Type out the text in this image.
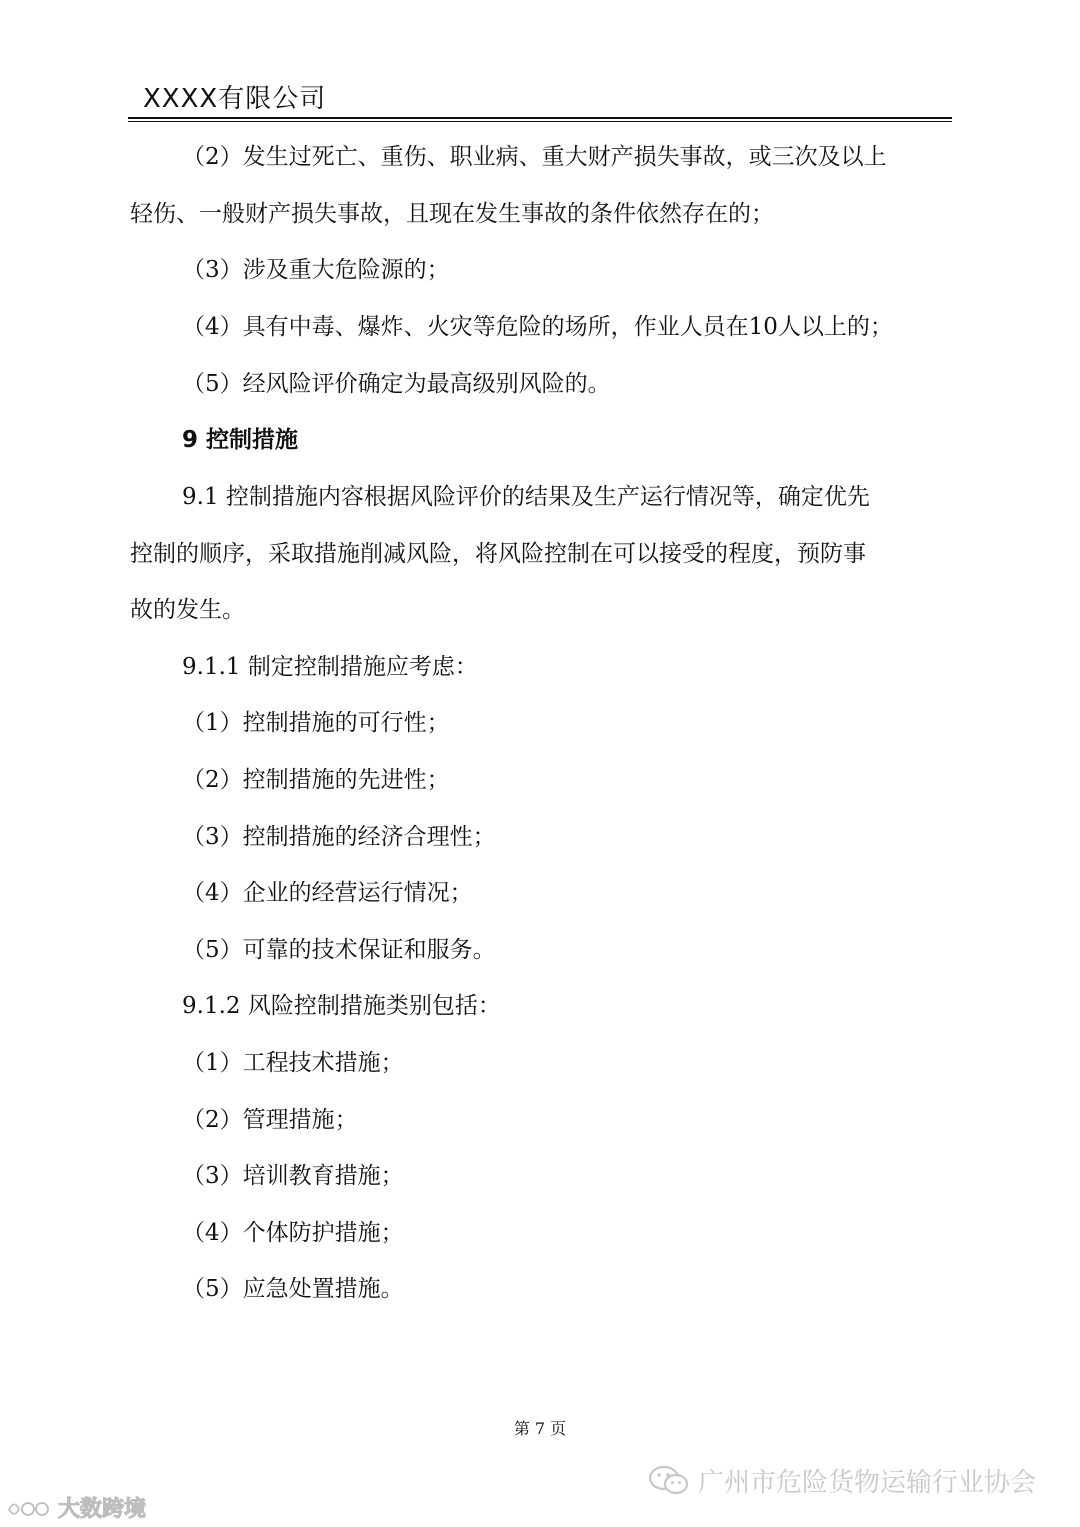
XXXX有限公司
（2）发生过死亡、重伤、职业病、重大财产损失事故，或三次及以上
轻伤、一般财产损失事故，且现在发生事故的条件依然存在的；
（3）涉及重大危险源的；
（4）具有中毒、爆炸、火灾等危险的场所，作业人员在10人以上的；
（5）经风险评价确定为最高级别风险的。
9 控制措施
9.1 控制措施内容根据风险评价的结果及生产运行情况等，确定优先
控制的顺序，采取措施削减风险，将风险控制在可以接受的程度，预防事
故的发生。
9.1.1 制定控制措施应考虑：
（1）控制措施的可行性；
（2）控制措施的先进性；
（3）控制措施的经济合理性；
（4）企业的经营运行情况；
（5）可靠的技术保证和服务。
9.1.2 风险控制措施类别包括：
（1）工程技术措施；
（2）管理措施；
（3）培训教育措施；
（4）个体防护措施；
（5）应急处置措施。
第 7 页
广州市危险货物运输行业协会
大数跨境
